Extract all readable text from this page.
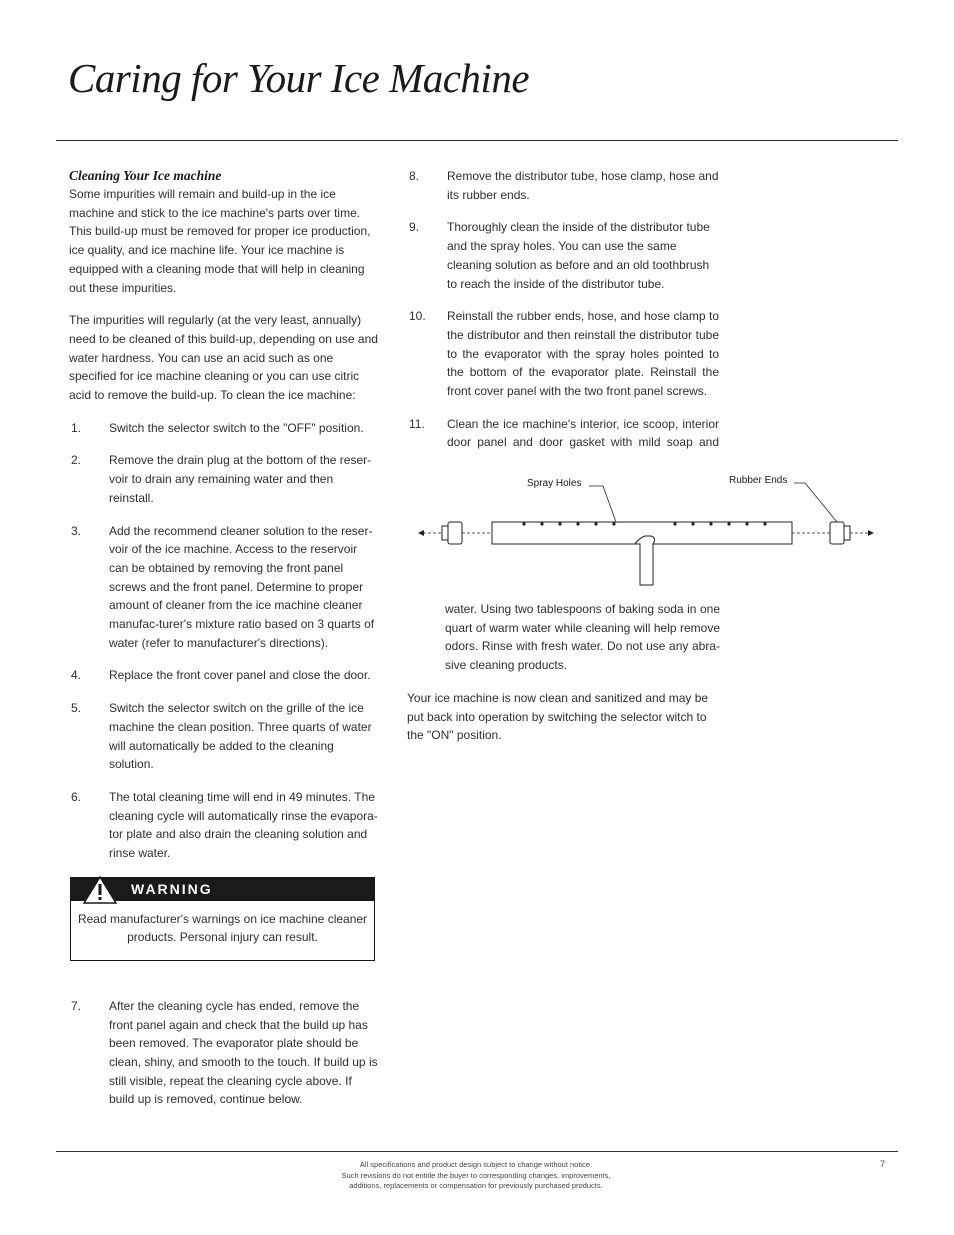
Caring for Your Ice Machine
Cleaning Your Ice machine

Some impurities will remain and build-up in the ice machine and stick to the ice machine's parts over time. This build-up must be removed for proper ice production, ice quality, and ice machine life. Your ice machine is equipped with a cleaning mode that will help in cleaning out these impurities.

The impurities will regularly (at the very least, annually) need to be cleaned of this build-up, depending on use and water hardness. You can use an acid such as one specified for ice machine cleaning or you can use citric acid to remove the build-up. To clean the ice machine:

1.	Switch the selector switch to the "OFF" position.
2.	Remove the drain plug at the bottom of the reser-voir to drain any remaining water and then reinstall.
3.	Add the recommend cleaner solution to the reser-voir of the ice machine. Access to the reservoir can be obtained by removing the front panel screws and the front panel. Determine to proper amount of cleaner from the ice machine cleaner manufac-turer's mixture ratio based on 3 quarts of water (refer to manufacturer's directions).
4.	Replace the front cover panel and close the door.
5.	Switch the selector switch on the grille of the ice machine the clean position. Three quarts of water will automatically be added to the cleaning solution.
6.	The total cleaning time will end in 49 minutes. The cleaning cycle will automatically rinse the evapora-tor plate and also drain the cleaning solution and rinse water.
WARNING
Read manufacturer's warnings on ice machine cleaner products. Personal injury can result.
7.	After the cleaning cycle has ended, remove the front panel again and check that the build up has been removed. The evaporator plate should be clean, shiny, and smooth to the touch. If build up is still visible, repeat the cleaning cycle above. If build up is removed, continue below.
8.	Remove the distributor tube, hose clamp, hose and its rubber ends.
9.	Thoroughly clean the inside of the distributor tube and the spray holes. You can use the same cleaning solution as before and an old toothbrush to reach the inside of the distributor tube.
10.	Reinstall the rubber ends, hose, and hose clamp to the distributor and then reinstall the distributor tube to the evaporator with the spray holes pointed to the bottom of the evaporator plate. Reinstall the front cover panel with the two front panel screws.
11.	Clean the ice machine's interior, ice scoop, interior door panel and door gasket with mild soap and
Spray Holes	Rubber Ends

water. Using two tablespoons of baking soda in one quart of warm water while cleaning will help remove odors. Rinse with fresh water. Do not use any abra-sive cleaning products.

Your ice machine is now clean and sanitized and may be put back into operation by switching the selector witch to the "ON" position.

All specifications and product design subject to change without notice.
Such revisions do not entitle the buyer to corresponding changes, improvements,
additions, replacements or compensation for previously purchased products.
7
